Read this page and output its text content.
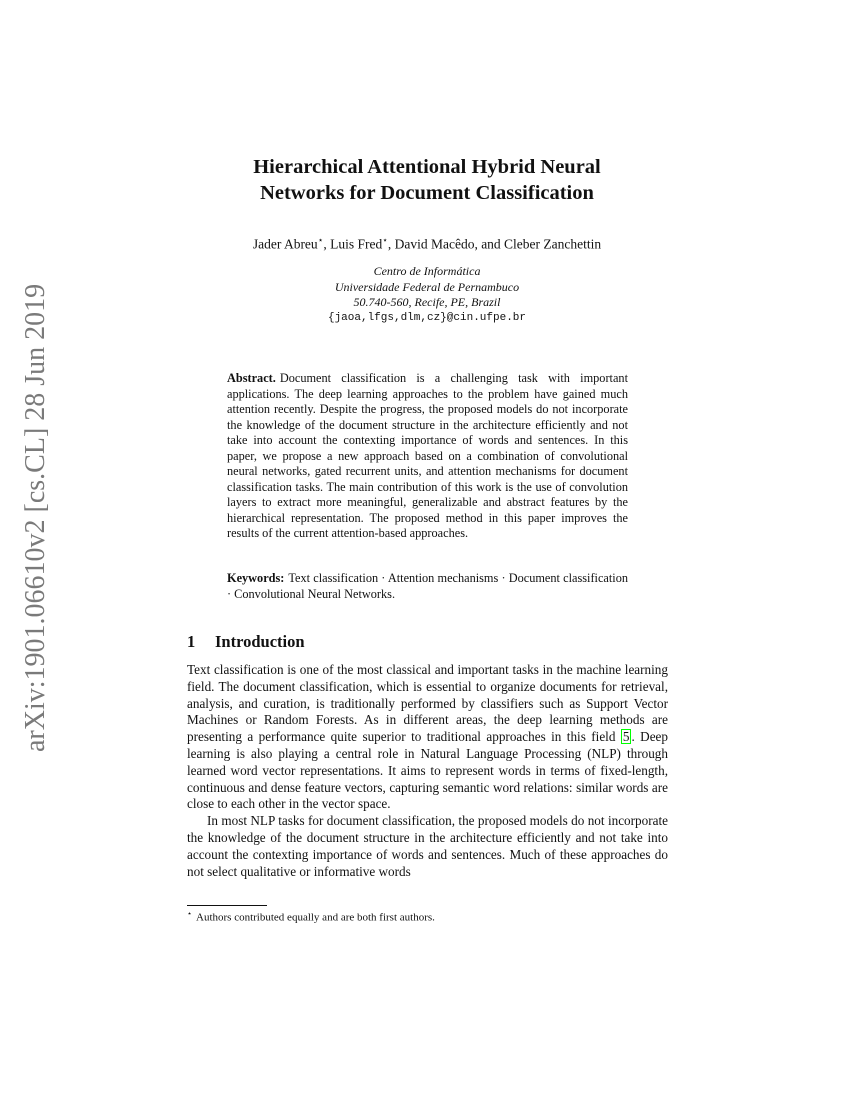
arXiv:1901.06610v2 [cs.CL] 28 Jun 2019
Hierarchical Attentional Hybrid Neural
Networks for Document Classification
Jader Abreu⋆, Luis Fred⋆, David Macêdo, and Cleber Zanchettin
Centro de Informática
Universidade Federal de Pernambuco
50.740-560, Recife, PE, Brazil
{jaoa,lfgs,dlm,cz}@cin.ufpe.br
Abstract. Document classification is a challenging task with important applications. The deep learning approaches to the problem have gained much attention recently. Despite the progress, the proposed models do not incorporate the knowledge of the document structure in the architecture efficiently and not take into account the contexting importance of words and sentences. In this paper, we propose a new approach based on a combination of convolutional neural networks, gated recurrent units, and attention mechanisms for document classification tasks. The main contribution of this work is the use of convolution layers to extract more meaningful, generalizable and abstract features by the hierarchical representation. The proposed method in this paper improves the results of the current attention-based approaches.
Keywords: Text classification · Attention mechanisms · Document classification · Convolutional Neural Networks.
1 Introduction

Text classification is one of the most classical and important tasks in the machine learning field. The document classification, which is essential to organize documents for retrieval, analysis, and curation, is traditionally performed by classifiers such as Support Vector Machines or Random Forests. As in different areas, the deep learning methods are presenting a performance quite superior to traditional approaches in this field 5 . Deep learning is also playing a central role in Natural Language Processing (NLP) through learned word vector representations. It aims to represent words in terms of fixed-length, continuous and dense feature vectors, capturing semantic word relations: similar words are close to each other in the vector space.

In most NLP tasks for document classification, the proposed models do not incorporate the knowledge of the document structure in the architecture efficiently and not take into account the contexting importance of words and sentences. Much of these approaches do not select qualitative or informative words

⋆ Authors contributed equally and are both first authors.
